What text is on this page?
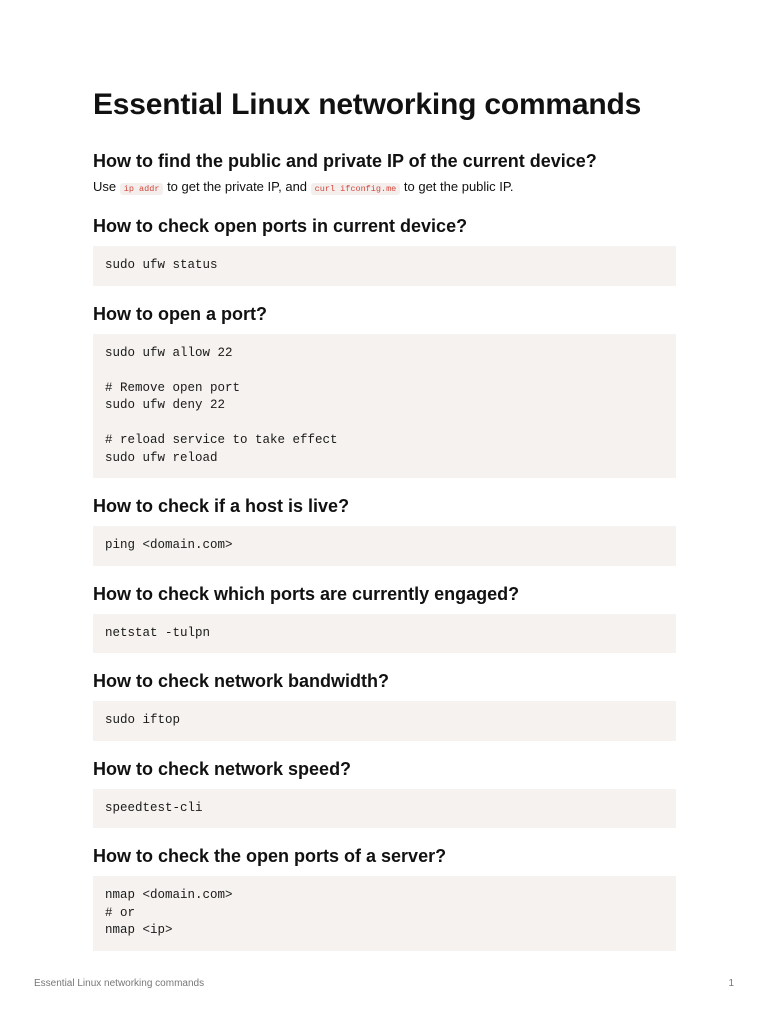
Essential Linux networking commands
How to find the public and private IP of the current device?

Use ip addr to get the private IP, and curl ifconfig.me to get the public IP.

How to check open ports in current device?
sudo ufw status
How to open a port?
sudo ufw allow 22

# Remove open port
sudo ufw deny 22

# reload service to take effect
sudo ufw reload
How to check if a host is live?
ping <domain.com>
How to check which ports are currently engaged?
netstat -tulpn
How to check network bandwidth?
sudo iftop
How to check network speed?
speedtest-cli
How to check the open ports of a server?
nmap <domain.com>
# or
nmap <ip>
Essential Linux networking commands	1
